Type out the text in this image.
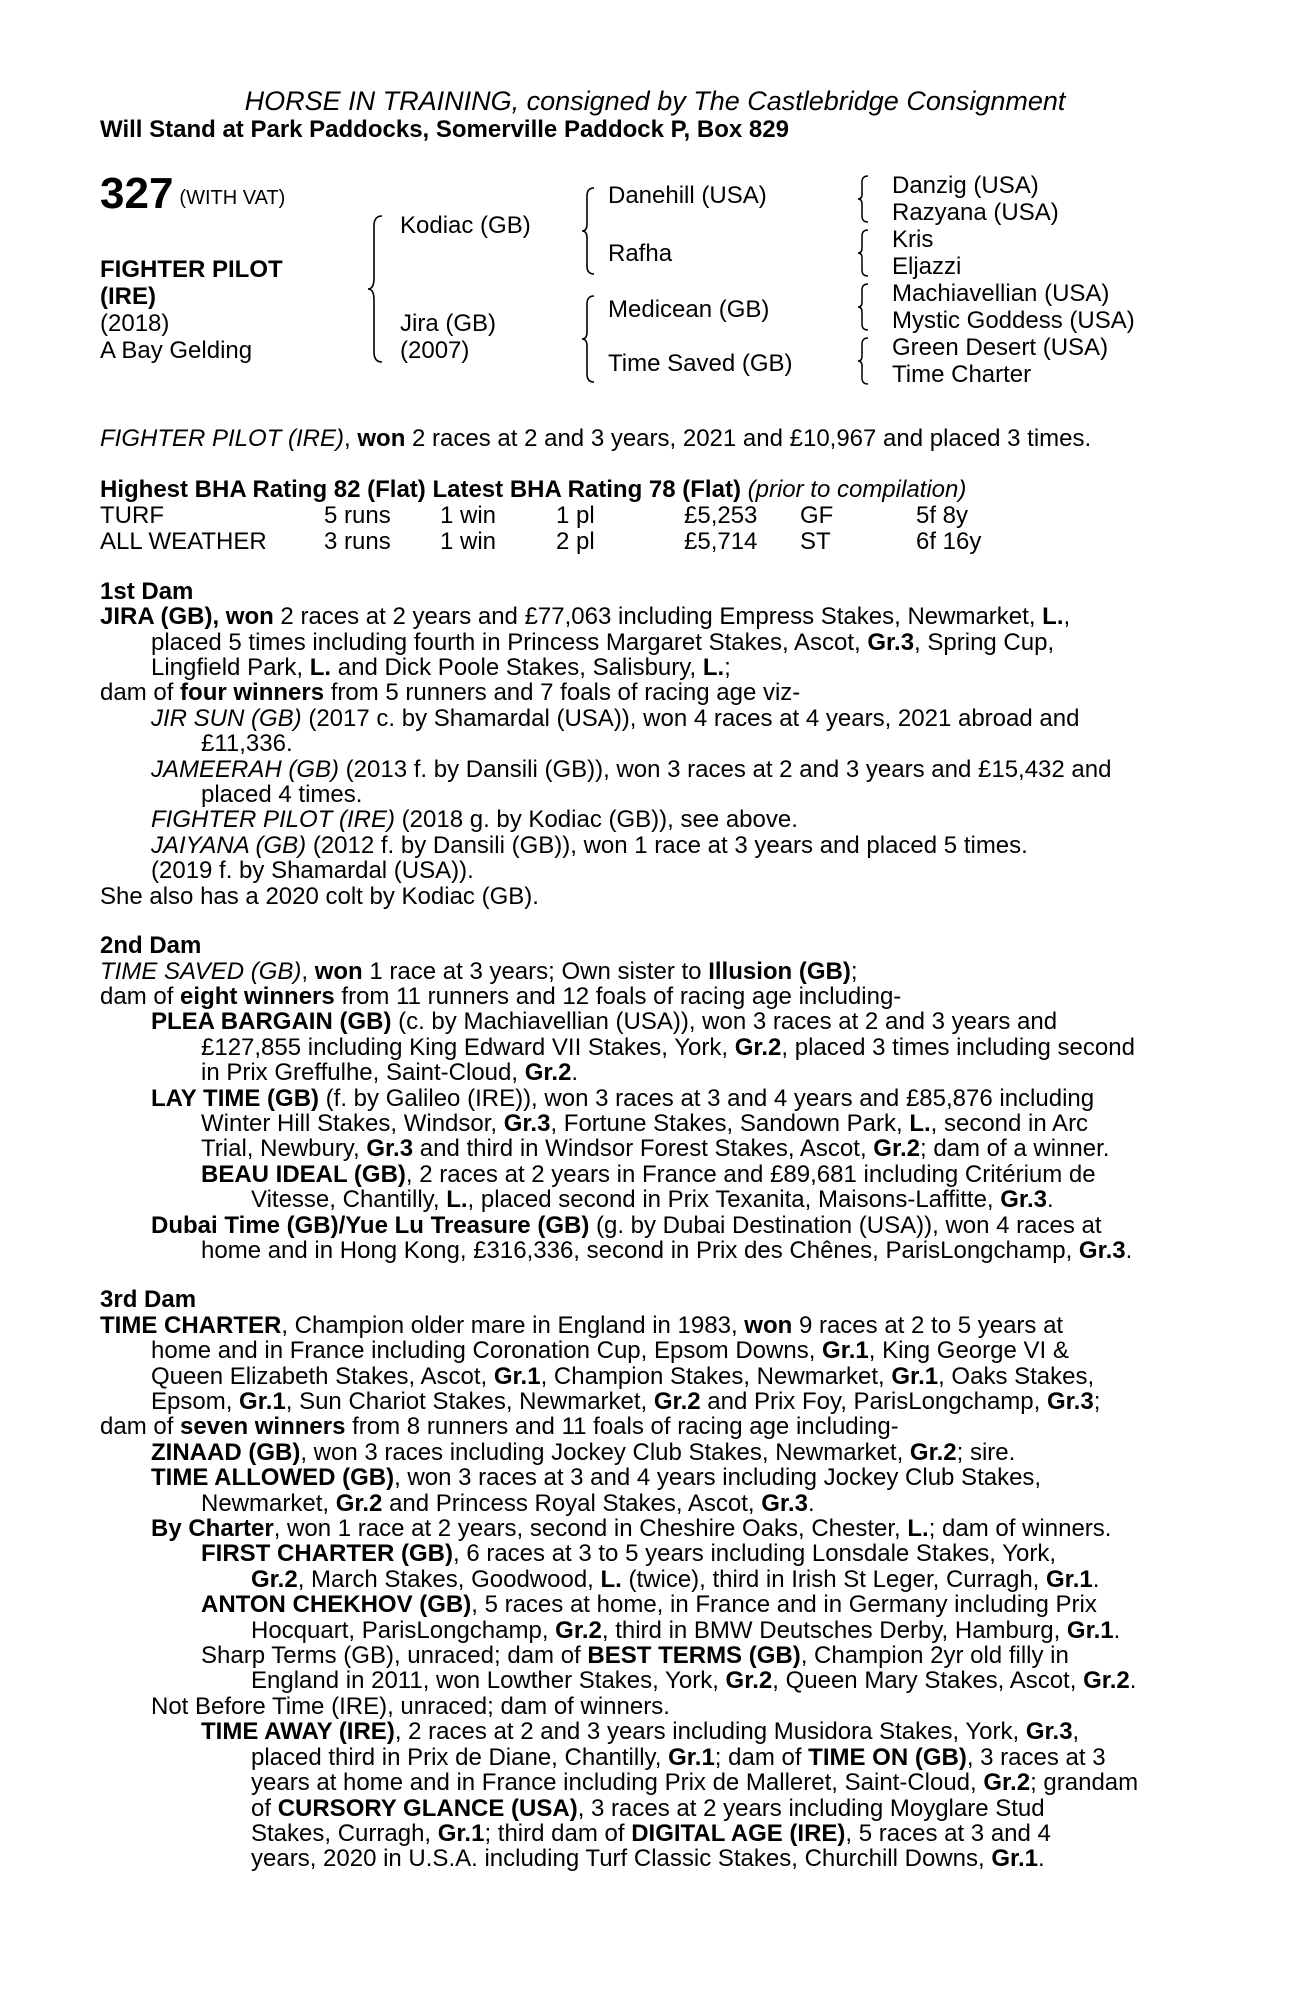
HORSE IN TRAINING, consigned by The Castlebridge Consignment
Will Stand at Park Paddocks, Somerville Paddock P, Box 829
327 (WITH VAT)
FIGHTER PILOT
(IRE)
(2018)
A Bay Gelding
Kodiac (GB)
Jira (GB)
(2007)
Danehill (USA)
Rafha
Medicean (GB)
Time Saved (GB)
Danzig (USA)
Razyana (USA)
Kris
Eljazzi
Machiavellian (USA)
Mystic Goddess (USA)
Green Desert (USA)
Time Charter

FIGHTER PILOT (IRE), won 2 races at 2 and 3 years, 2021 and £10,967 and placed 3 times.

Highest BHA Rating 82 (Flat) Latest BHA Rating 78 (Flat) (prior to compilation)

TURF	5 runs 1 win 1 pl	£5,253 GF	5f 8y
ALL WEATHER 3 runs 1 win 2 pl	£5,714 ST	6f 16y

1st Dam

JIRA (GB), won 2 races at 2 years and £77,063 including Empress Stakes, Newmarket, L.,

placed 5 times including fourth in Princess Margaret Stakes, Ascot, Gr.3, Spring Cup,

Lingfield Park, L. and Dick Poole Stakes, Salisbury, L.;

dam of four winners from 5 runners and 7 foals of racing age viz-

JIR SUN (GB) (2017 c. by Shamardal (USA)), won 4 races at 4 years, 2021 abroad and

£11,336.

JAMEERAH (GB) (2013 f. by Dansili (GB)), won 3 races at 2 and 3 years and £15,432 and

placed 4 times.

FIGHTER PILOT (IRE) (2018 g. by Kodiac (GB)), see above.

JAIYANA (GB) (2012 f. by Dansili (GB)), won 1 race at 3 years and placed 5 times.

(2019 f. by Shamardal (USA)).

She also has a 2020 colt by Kodiac (GB).

2nd Dam

TIME SAVED (GB), won 1 race at 3 years; Own sister to Illusion (GB);

dam of eight winners from 11 runners and 12 foals of racing age including-

PLEA BARGAIN (GB) (c. by Machiavellian (USA)), won 3 races at 2 and 3 years and

£127,855 including King Edward VII Stakes, York, Gr.2, placed 3 times including second

in Prix Greffulhe, Saint-Cloud, Gr.2.

LAY TIME (GB) (f. by Galileo (IRE)), won 3 races at 3 and 4 years and £85,876 including

Winter Hill Stakes, Windsor, Gr.3, Fortune Stakes, Sandown Park, L., second in Arc

Trial, Newbury, Gr.3 and third in Windsor Forest Stakes, Ascot, Gr.2; dam of a winner.

BEAU IDEAL (GB), 2 races at 2 years in France and £89,681 including Critérium de

Vitesse, Chantilly, L., placed second in Prix Texanita, Maisons-Laffitte, Gr.3.

Dubai Time (GB)/Yue Lu Treasure (GB) (g. by Dubai Destination (USA)), won 4 races at

home and in Hong Kong, £316,336, second in Prix des Chênes, ParisLongchamp, Gr.3.

3rd Dam

TIME CHARTER, Champion older mare in England in 1983, won 9 races at 2 to 5 years at

home and in France including Coronation Cup, Epsom Downs, Gr.1, King George VI &

Queen Elizabeth Stakes, Ascot, Gr.1, Champion Stakes, Newmarket, Gr.1, Oaks Stakes,

Epsom, Gr.1, Sun Chariot Stakes, Newmarket, Gr.2 and Prix Foy, ParisLongchamp, Gr.3;

dam of seven winners from 8 runners and 11 foals of racing age including-

ZINAAD (GB), won 3 races including Jockey Club Stakes, Newmarket, Gr.2; sire.

TIME ALLOWED (GB), won 3 races at 3 and 4 years including Jockey Club Stakes,

Newmarket, Gr.2 and Princess Royal Stakes, Ascot, Gr.3.

By Charter, won 1 race at 2 years, second in Cheshire Oaks, Chester, L.; dam of winners.

FIRST CHARTER (GB), 6 races at 3 to 5 years including Lonsdale Stakes, York,

Gr.2, March Stakes, Goodwood, L. (twice), third in Irish St Leger, Curragh, Gr.1.

ANTON CHEKHOV (GB), 5 races at home, in France and in Germany including Prix

Hocquart, ParisLongchamp, Gr.2, third in BMW Deutsches Derby, Hamburg, Gr.1.

Sharp Terms (GB), unraced; dam of BEST TERMS (GB), Champion 2yr old filly in

England in 2011, won Lowther Stakes, York, Gr.2, Queen Mary Stakes, Ascot, Gr.2.

Not Before Time (IRE), unraced; dam of winners.

TIME AWAY (IRE), 2 races at 2 and 3 years including Musidora Stakes, York, Gr.3,

placed third in Prix de Diane, Chantilly, Gr.1; dam of TIME ON (GB), 3 races at 3

years at home and in France including Prix de Malleret, Saint-Cloud, Gr.2; grandam

of CURSORY GLANCE (USA), 3 races at 2 years including Moyglare Stud

Stakes, Curragh, Gr.1; third dam of DIGITAL AGE (IRE), 5 races at 3 and 4

years, 2020 in U.S.A. including Turf Classic Stakes, Churchill Downs, Gr.1.
